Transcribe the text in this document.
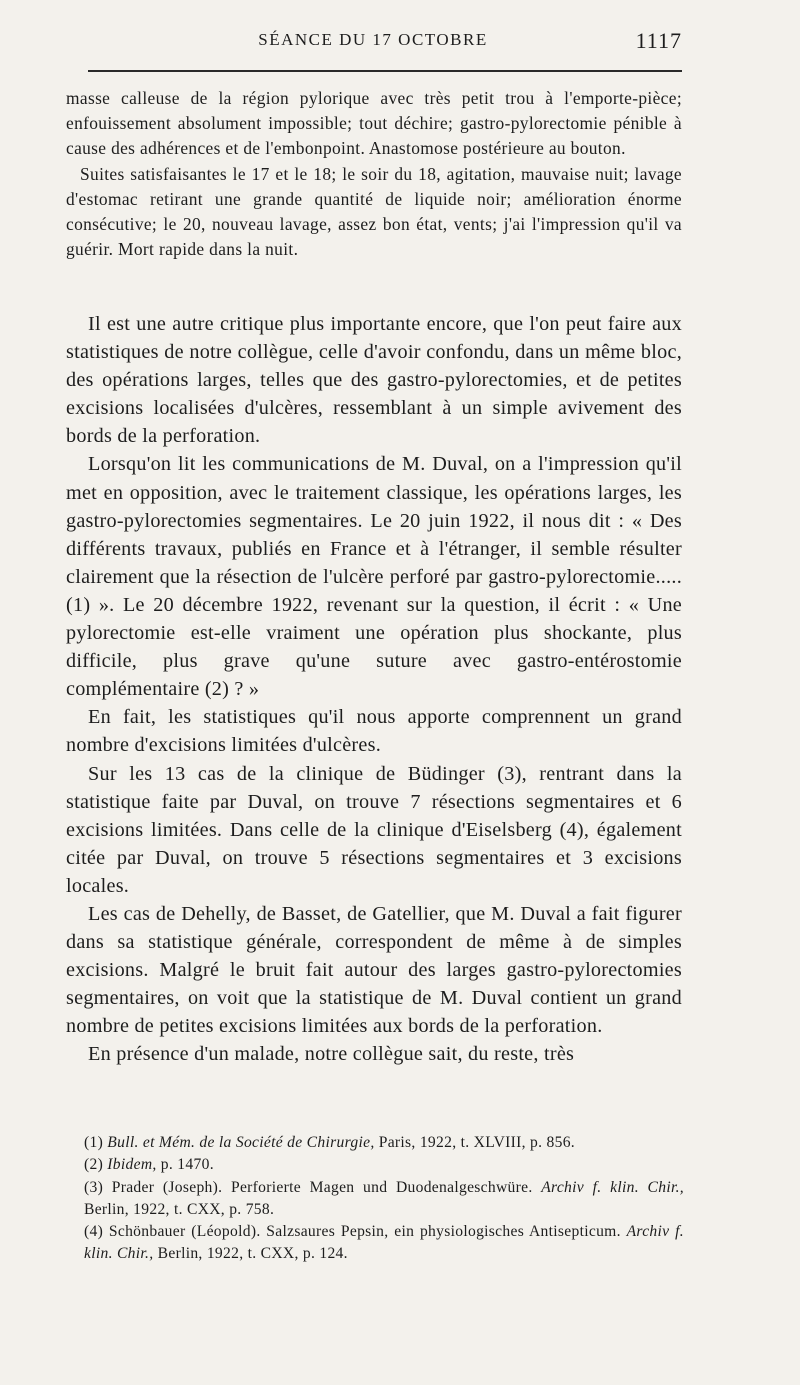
SÉANCE DU 17 OCTOBRE	1117

masse calleuse de la région pylorique avec très petit trou à l'emporte-pièce; enfouissement absolument impossible; tout déchire; gastro-pylorectomie pénible à cause des adhérences et de l'embonpoint. Anastomose postérieure au bouton.

Suites satisfaisantes le 17 et le 18; le soir du 18, agitation, mauvaise nuit; lavage d'estomac retirant une grande quantité de liquide noir; amélioration énorme consécutive; le 20, nouveau lavage, assez bon état, vents; j'ai l'impression qu'il va guérir. Mort rapide dans la nuit.

Il est une autre critique plus importante encore, que l'on peut faire aux statistiques de notre collègue, celle d'avoir confondu, dans un même bloc, des opérations larges, telles que des gastro-pylorectomies, et de petites excisions localisées d'ulcères, ressemblant à un simple avivement des bords de la perforation.

Lorsqu'on lit les communications de M. Duval, on a l'impression qu'il met en opposition, avec le traitement classique, les opérations larges, les gastro-pylorectomies segmentaires. Le 20 juin 1922, il nous dit : « Des différents travaux, publiés en France et à l'étranger, il semble résulter clairement que la résection de l'ulcère perforé par gastro-pylorectomie..... (1) ». Le 20 décembre 1922, revenant sur la question, il écrit : « Une pylorectomie est-elle vraiment une opération plus shockante, plus difficile, plus grave qu'une suture avec gastro-entérostomie complémentaire (2) ? »

En fait, les statistiques qu'il nous apporte comprennent un grand nombre d'excisions limitées d'ulcères.

Sur les 13 cas de la clinique de Büdinger (3), rentrant dans la statistique faite par Duval, on trouve 7 résections segmentaires et 6 excisions limitées. Dans celle de la clinique d'Eiselsberg (4), également citée par Duval, on trouve 5 résections segmentaires et 3 excisions locales.

Les cas de Dehelly, de Basset, de Gatellier, que M. Duval a fait figurer dans sa statistique générale, correspondent de même à de simples excisions. Malgré le bruit fait autour des larges gastro-pylorectomies segmentaires, on voit que la statistique de M. Duval contient un grand nombre de petites excisions limitées aux bords de la perforation.

En présence d'un malade, notre collègue sait, du reste, très

(1) Bull. et Mém. de la Société de Chirurgie, Paris, 1922, t. XLVIII, p. 856.

(2) Ibidem, p. 1470.

(3) Prader (Joseph). Perforierte Magen und Duodenalgeschwüre. Archiv f. klin. Chir., Berlin, 1922, t. CXX, p. 758.

(4) Schönbauer (Léopold). Salzsaures Pepsin, ein physiologisches Antisepticum. Archiv f. klin. Chir., Berlin, 1922, t. CXX, p. 124.
